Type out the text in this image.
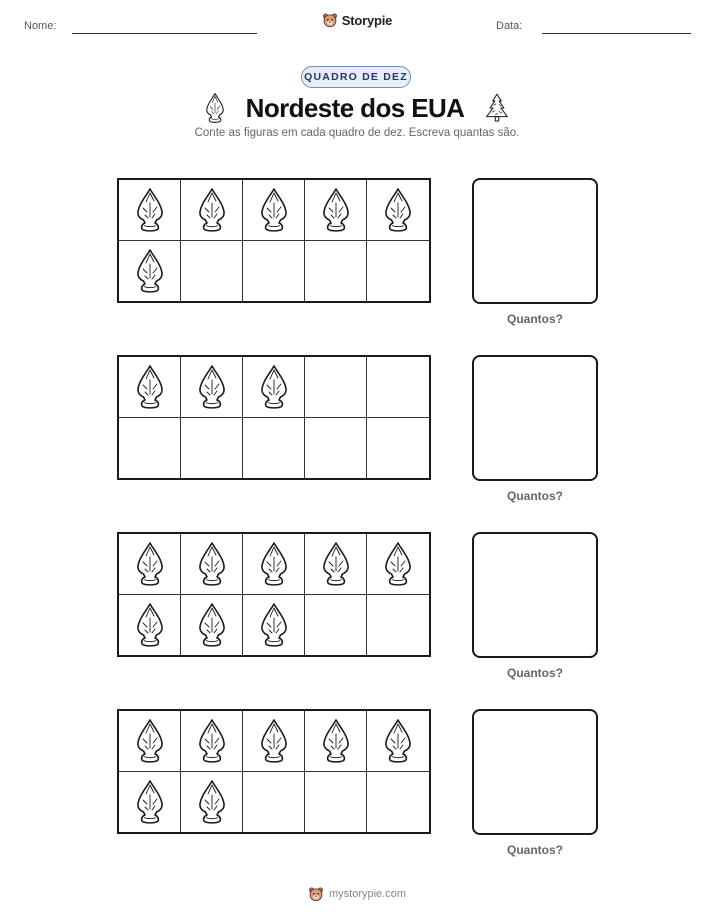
Nome:	Storypie	Data:
QUADRO DE DEZ
Nordeste dos EUA
Conte as figuras em cada quadro de dez. Escreva quantas são.
Quantos?
Quantos?
Quantos?
Quantos?
mystorypie.com
